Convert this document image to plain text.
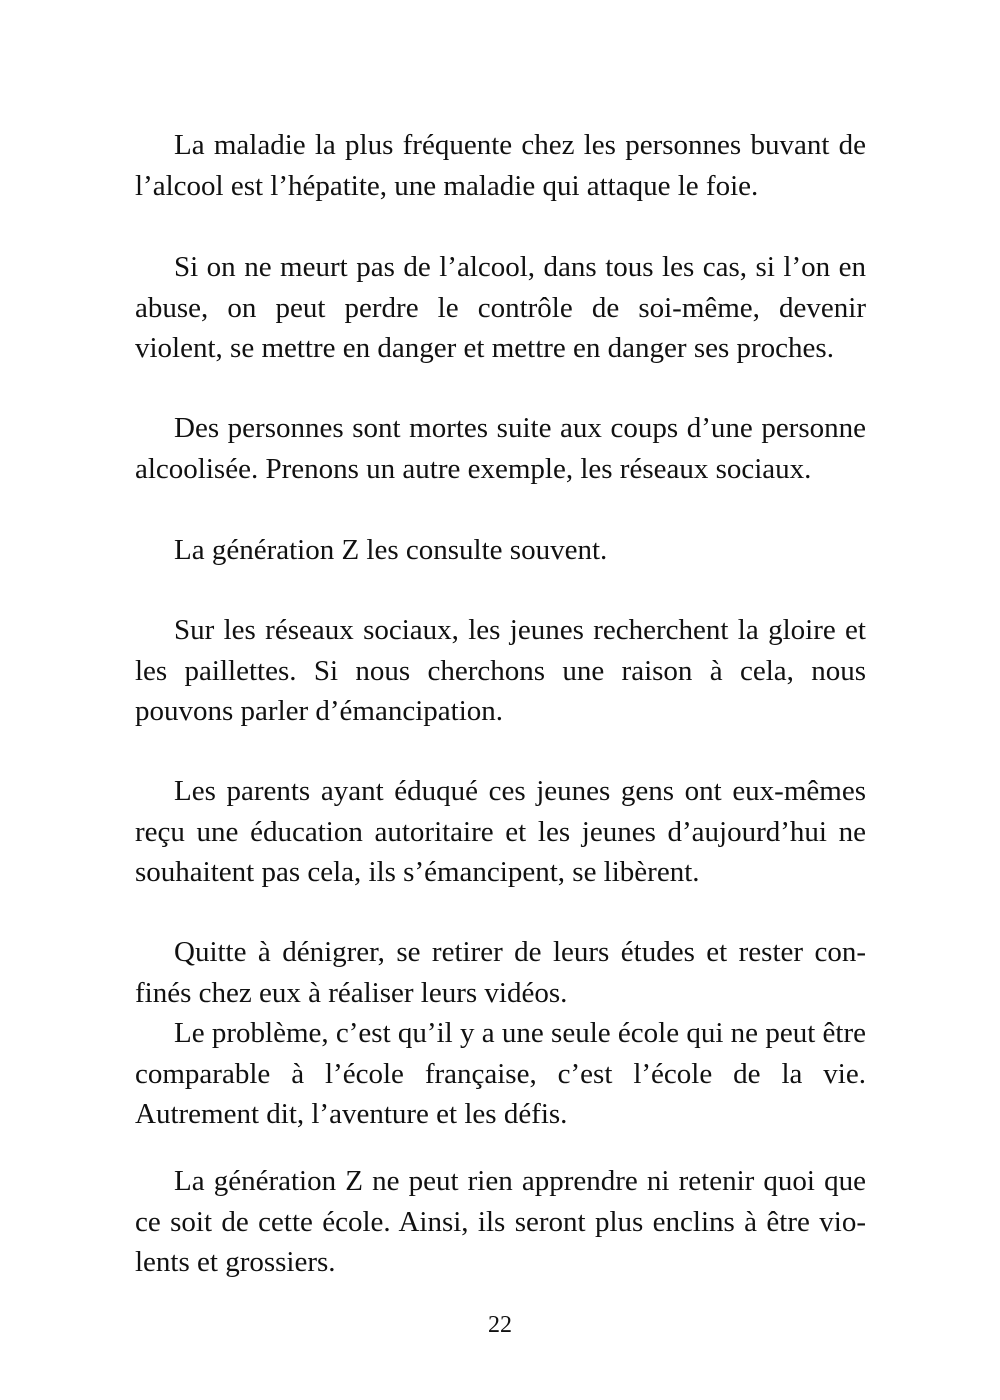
La maladie la plus fréquente chez les personnes buvant de l’alcool est l’hépatite, une maladie qui attaque le foie.

Si on ne meurt pas de l’alcool, dans tous les cas, si l’on en abuse, on peut perdre le contrôle de soi-même, devenir violent, se mettre en danger et mettre en danger ses proches.

Des personnes sont mortes suite aux coups d’une personne alcoolisée. Prenons un autre exemple, les réseaux sociaux.

La génération Z les consulte souvent.

Sur les réseaux sociaux, les jeunes recherchent la gloire et les paillettes. Si nous cherchons une raison à cela, nous pouvons parler d’émancipation.

Les parents ayant éduqué ces jeunes gens ont eux-mêmes reçu une éducation autoritaire et les jeunes d’aujourd’hui ne souhaitent pas cela, ils s’émancipent, se libèrent.

Quitte à dénigrer, se retirer de leurs études et rester confinés chez eux à réaliser leurs vidéos.

Le problème, c’est qu’il y a une seule école qui ne peut être comparable à l’école française, c’est l’école de la vie. Autrement dit, l’aventure et les défis.

La génération Z ne peut rien apprendre ni retenir quoi que ce soit de cette école. Ainsi, ils seront plus enclins à être violents et grossiers.

22
